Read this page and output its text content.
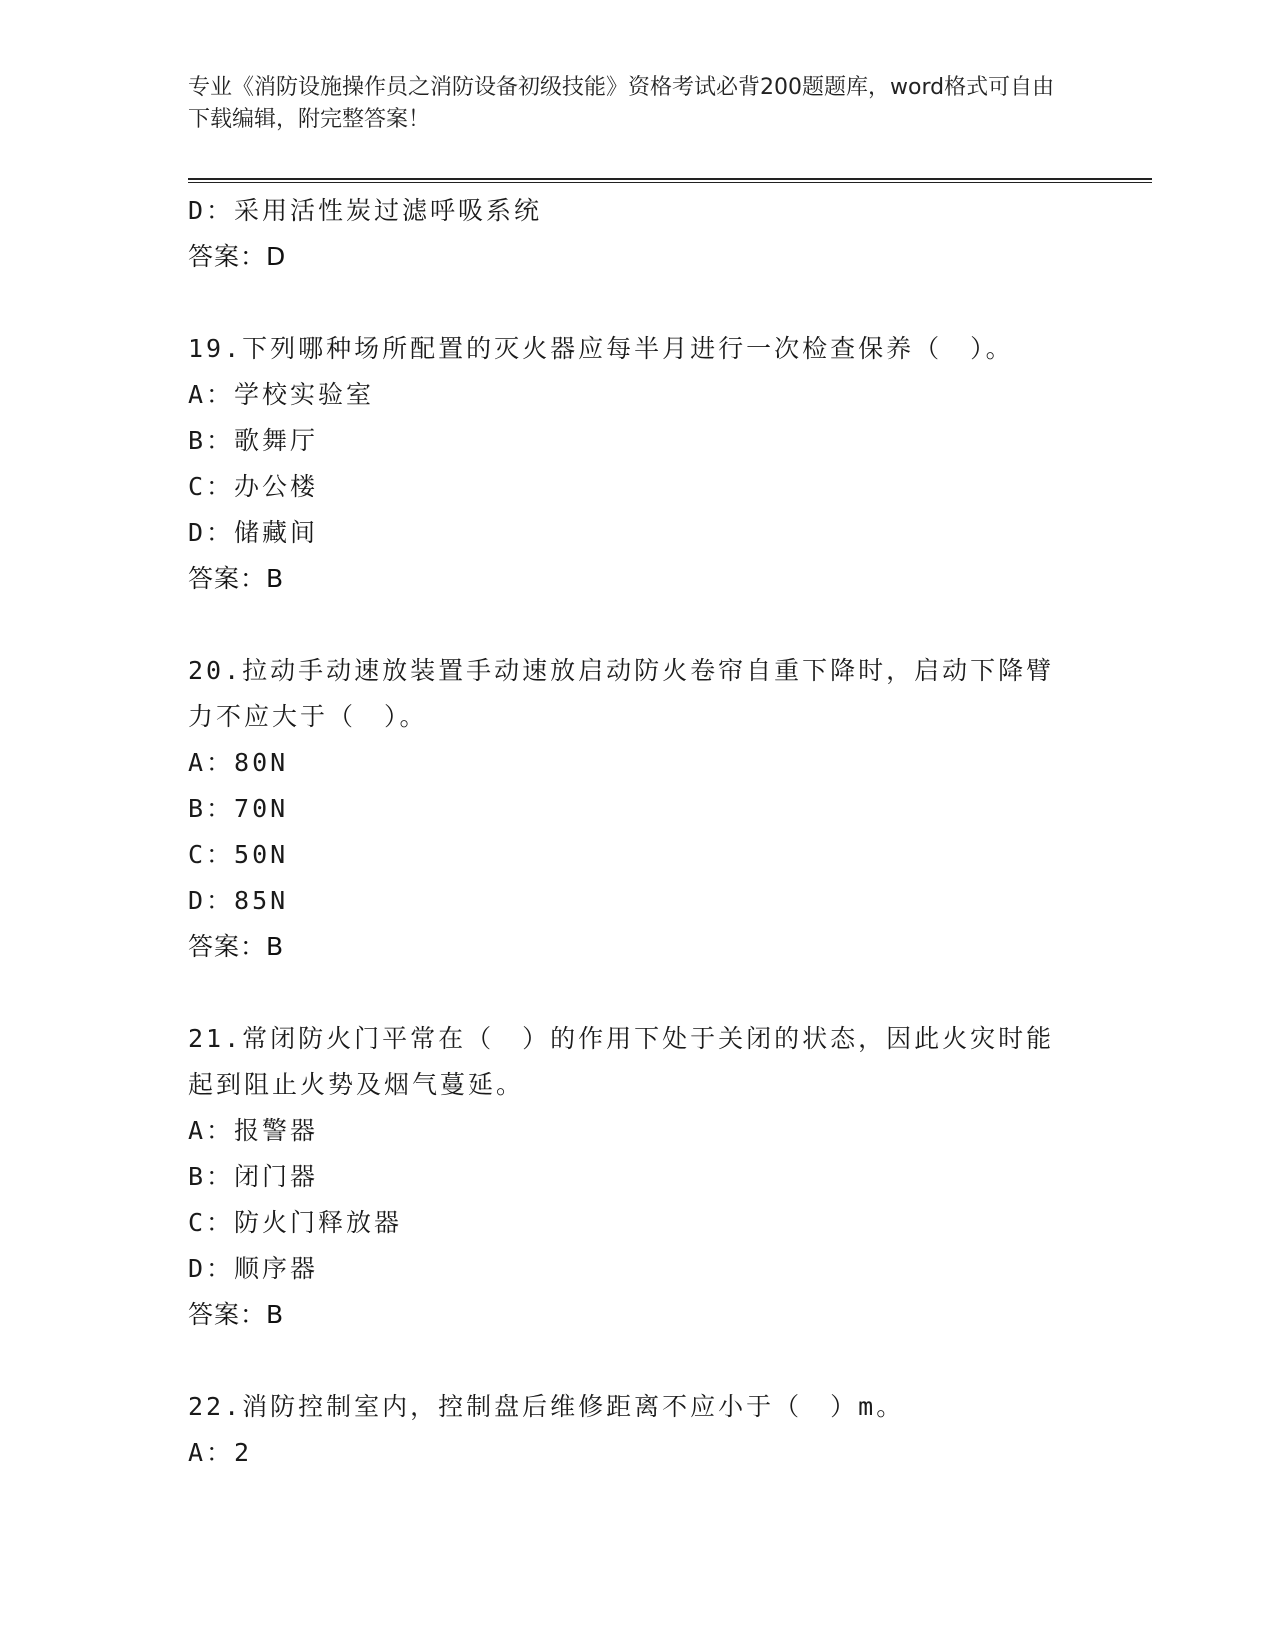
专业《消防设施操作员之消防设备初级技能》资格考试必背200题题库，word格式可自由下载编辑，附完整答案！
D：采用活性炭过滤呼吸系统
答案：D
19.下列哪种场所配置的灭火器应每半月进行一次检查保养（　）。
A：学校实验室
B：歌舞厅
C：办公楼
D：储藏间
答案：B
20.拉动手动速放装置手动速放启动防火卷帘自重下降时，启动下降臂力不应大于（　）。
A：80N
B：70N
C：50N
D：85N
答案：B
21.常闭防火门平常在（　）的作用下处于关闭的状态，因此火灾时能起到阻止火势及烟气蔓延。
A：报警器
B：闭门器
C：防火门释放器
D：顺序器
答案：B
22.消防控制室内，控制盘后维修距离不应小于（　）m。
A：2
